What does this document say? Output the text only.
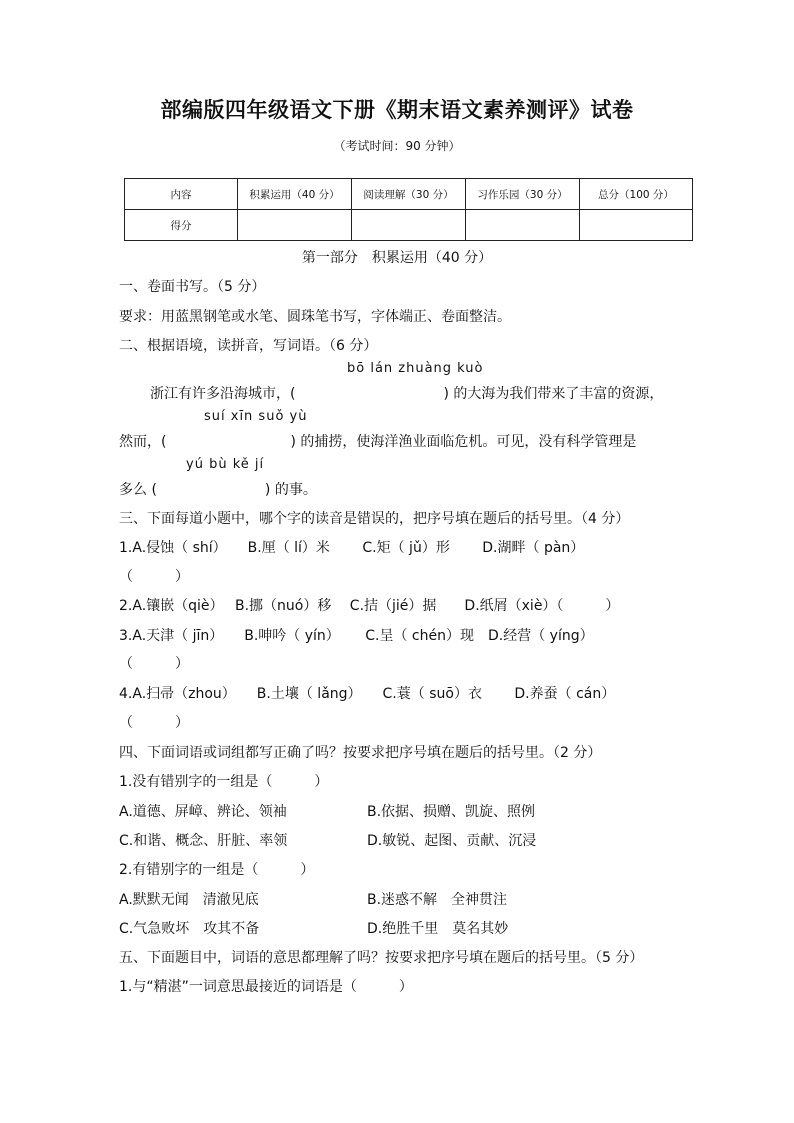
部编版四年级语文下册《期末语文素养测评》试卷
（考试时间：90 分钟）
内容	积累运用（40 分）	阅读理解（30 分）	习作乐园（30 分）	总分（100 分）
得分				
第一部分　积累运用（40 分）
一、卷面书写。（5 分）
要求：用蓝黑钢笔或水笔、圆珠笔书写，字体端正、卷面整洁。
二、根据语境，读拼音，写词语。（6 分）
bō lán zhuàng kuò
浙江有许多沿海城市，(	) 的大海为我们带来了丰富的资源，
suí xīn suǒ yù
然而，(	) 的捕捞，使海洋渔业面临危机。可见，没有科学管理是
yú bù kě jí
多么 (	) 的事。
三、下面每道小题中，哪个字的读音是错误的，把序号填在题后的括号里。（4 分）
1.A.侵蚀（ shí）　　B.厘（ lí）米　　 C.矩（ jǔ）形　　 D.湖畔（ pàn）
（　　　）
2.A.镶嵌（qiè）　 B.挪（nuó）移　 C.拮（jié）据　　D.纸屑（xiè）（　　　）
3.A.天津（ jīn）　　B.呻吟（ yín）　　 C.呈（ chén）现　D.经营（ yíng）
（　　　）
4.A.扫帚（zhou）　　B.土壤（ lǎng）　　C.蓑（ suō）衣　　 D.养蚕（ cán）
（　　　）
四、下面词语或词组都写正确了吗？按要求把序号填在题后的括号里。（2 分）
1.没有错别字的一组是（　　　）
A.道德、屏嶂、辨论、领袖	B.依据、损赠、凯旋、照例
C.和谐、概念、肝脏、率领	D.敏锐、起图、贡献、沉浸
2.有错别字的一组是（　　　）
A.默默无闻　清澈见底	B.迷惑不解　全神贯注
C.气急败坏　攻其不备	D.绝胜千里　莫名其妙
五、下面题目中，词语的意思都理解了吗？按要求把序号填在题后的括号里。（5 分）
1.与“精湛”一词意思最接近的词语是（　　　）
